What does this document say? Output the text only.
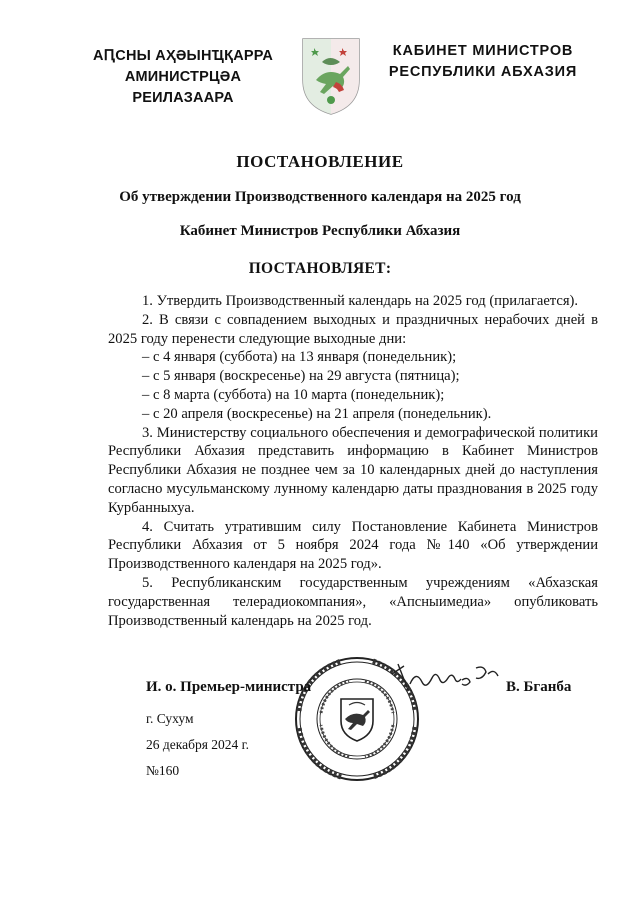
АԤСНЫ АҲӘЫНҴҚАРРА
АМИНИСТРЦӘА РЕИЛАЗААРА
КАБИНЕТ МИНИСТРОВ
РЕСПУБЛИКИ АБХАЗИЯ
ПОСТАНОВЛЕНИЕ
Об утверждении Производственного календаря на 2025 год
Кабинет Министров Республики Абхазия
ПОСТАНОВЛЯЕТ:

1. Утвердить Производственный календарь на 2025 год (прилагается).

2. В связи с совпадением выходных и праздничных нерабочих дней в 2025 году перенести следующие выходные дни:

– с 4 января (суббота) на 13 января (понедельник);

– с 5 января (воскресенье) на 29 августа (пятница);

– с 8 марта (суббота) на 10 марта (понедельник);

– с 20 апреля (воскресенье) на 21 апреля (понедельник).

3. Министерству социального обеспечения и демографической политики Республики Абхазия представить информацию в Кабинет Министров Республики Абхазия не позднее чем за 10 календарных дней до наступления согласно мусульманскому лунному календарю даты празднования в 2025 году Курбанныхуа.

4. Считать утратившим силу Постановление Кабинета Министров Республики Абхазия от 5 ноября 2024 года №140 «Об утверждении Производственного календаря на 2025 год».

5. Республиканским государственным учреждениям «Абхазская государственная телерадиокомпания», «Апсныимедиа» опубликовать Производственный календарь на 2025 год.

И. о. Премьер-министра	В. Бганба
г. Сухум
26 декабря 2024 г.
№160
